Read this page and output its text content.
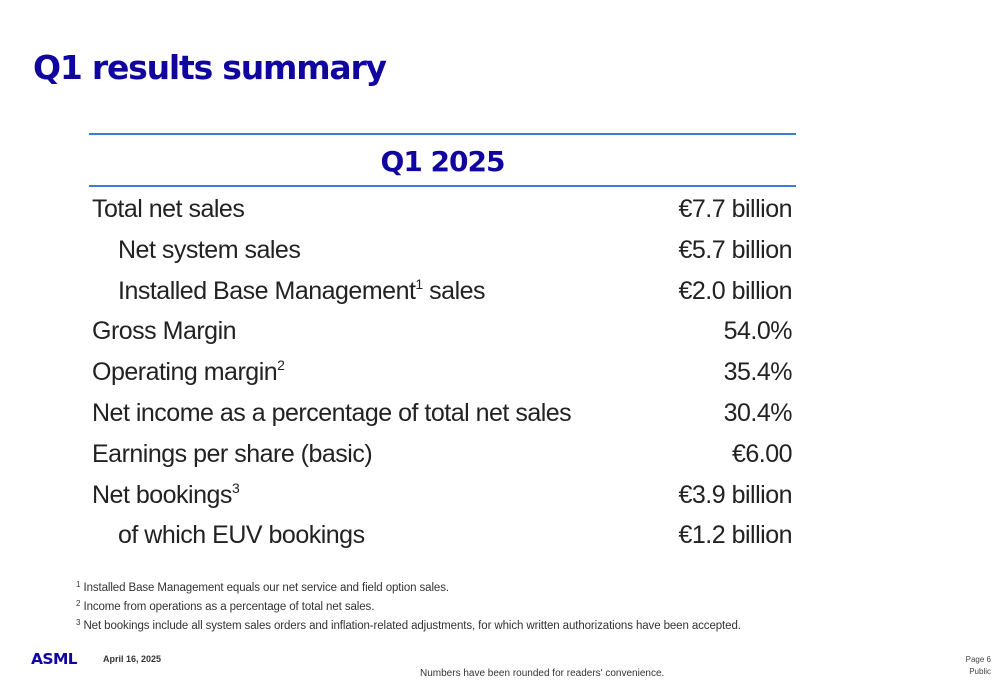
Q1 results summary
Q1 2025
Total net sales	€7.7 billion
Net system sales	€5.7 billion
Installed Base Management$^1$ sales	€2.0 billion
Gross Margin	54.0%
Operating margin$^2$	35.4%
Net income as a percentage of total net sales	30.4%
Earnings per share (basic)	€6.00
Net bookings$^3$	€3.9 billion
of which EUV bookings	€1.2 billion
$^1$ Installed Base Management equals our net service and field option sales.
$^2$ Income from operations as a percentage of total net sales.
$^3$ Net bookings include all system sales orders and inflation-related adjustments, for which written authorizations have been accepted.
ASML	April 16, 2025
Numbers have been rounded for readers' convenience.
Page 6
Public
